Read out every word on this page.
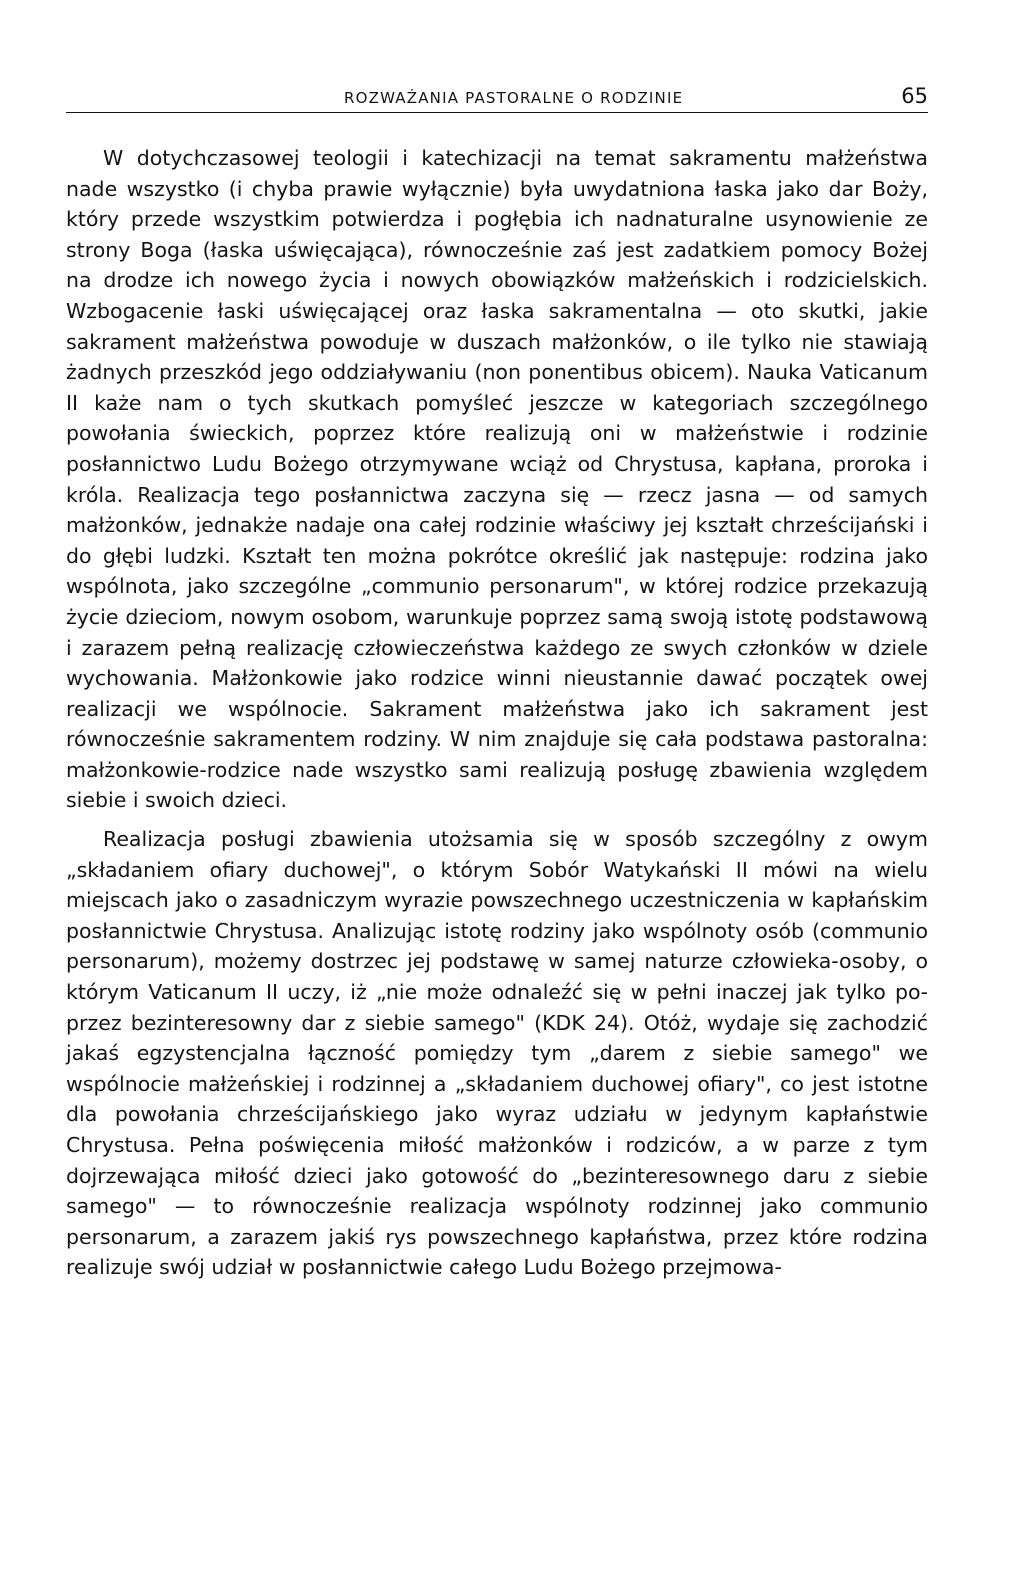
ROZWAŻANIA PASTORALNE O RODZINIE	65

W dotychczasowej teologii i katechizacji na temat sakramentu małżeństwa nade wszystko (i chyba prawie wyłącznie) była uwydatniona łaska jako dar Boży, który przede wszystkim potwierdza i pogłębia ich nadnaturalne usynowienie ze strony Boga (łaska uświęcająca), równocześnie zaś jest zadatkiem pomocy Bożej na drodze ich nowego życia i nowych obowiązków małżeńskich i rodzicielskich. Wzbogacenie łaski uświęcającej oraz łaska sakramentalna — oto skutki, jakie sakrament małżeństwa powoduje w duszach małżonków, o ile tylko nie stawiają żadnych przeszkód jego oddziaływaniu (non ponentibus obicem). Nauka Vaticanum II każe nam o tych skutkach pomyśleć jeszcze w kategoriach szczególnego powołania świeckich, poprzez które realizują oni w małżeństwie i rodzinie posłannictwo Ludu Bożego otrzymywane wciąż od Chrystusa, kapłana, proroka i króla. Realizacja tego posłannictwa zaczyna się — rzecz jasna — od samych małżonków, jednakże nadaje ona całej rodzinie właściwy jej kształt chrześcijański i do głębi ludzki. Kształt ten można pokrótce określić jak następuje: rodzina jako wspólnota, jako szczególne „communio personarum", w której rodzice przekazują życie dzieciom, nowym osobom, warunkuje poprzez samą swoją istotę podstawową i zarazem pełną realizację człowieczeństwa każdego ze swych członków w dziele wychowania. Małżonkowie jako rodzice winni nieustannie dawać początek owej realizacji we wspólnocie. Sakrament małżeństwa jako ich sakrament jest równocześnie sakramentem rodziny. W nim znajduje się cała podstawa pastoralna: małżonkowie-rodzice nade wszystko sami realizują posługę zbawienia względem siebie i swoich dzieci.

Realizacja posługi zbawienia utożsamia się w sposób szczególny z owym „składaniem ofiary duchowej", o którym Sobór Watykański II mówi na wielu miejscach jako o zasadniczym wyrazie powszechnego uczestniczenia w kapłańskim posłannictwie Chrystusa. Analizując istotę rodziny jako wspólnoty osób (communio personarum), możemy dostrzec jej podstawę w samej naturze człowieka-osoby, o którym Vaticanum II uczy, iż „nie może odnaleźć się w pełni inaczej jak tylko poprzez bezinteresowny dar z siebie samego" (KDK 24). Otóż, wydaje się zachodzić jakaś egzystencjalna łączność pomiędzy tym „darem z siebie samego" we wspólnocie małżeńskiej i rodzinnej a „składaniem duchowej ofiary", co jest istotne dla powołania chrześcijańskiego jako wyraz udziału w jedynym kapłaństwie Chrystusa. Pełna poświęcenia miłość małżonków i rodziców, a w parze z tym dojrzewająca miłość dzieci jako gotowość do „bezinteresownego daru z siebie samego" — to równocześnie realizacja wspólnoty rodzinnej jako communio personarum, a zarazem jakiś rys powszechnego kapłaństwa, przez które rodzina realizuje swój udział w posłannictwie całego Ludu Bożego przejmowa-
